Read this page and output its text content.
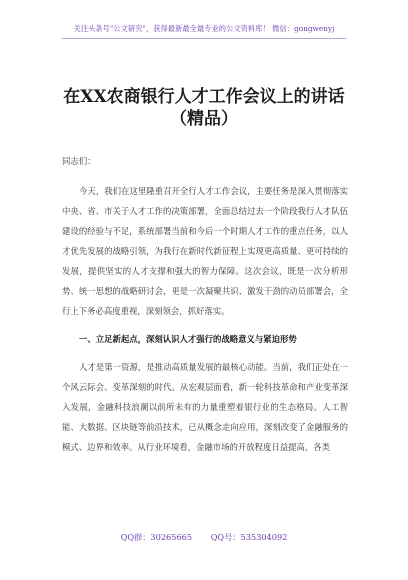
关注头条号"公文研究"，获得最新最全最专业的公文资料库！ 微信：gongwenyj
在XX农商银行人才工作会议上的讲话
（精品）

同志们：

今天，我们在这里隆重召开全行人才工作会议，主要任务是深入贯彻落实中央、省、市关于人才工作的决策部署，全面总结过去一个阶段我行人才队伍建设的经验与不足，系统部署当前和今后一个时期人才工作的重点任务，以人才优先发展的战略引领，为我行在新时代新征程上实现更高质量、更可持续的发展，提供坚实的人才支撑和强大的智力保障。这次会议，既是一次分析形势、统一思想的战略研讨会，更是一次凝聚共识、激发干劲的动员部署会，全行上下务必高度重视，深刻领会，抓好落实。

一、立足新起点，深刻认识人才强行的战略意义与紧迫形势

人才是第一资源，是推动高质量发展的最核心动能。当前，我们正处在一个风云际会、变革深刻的时代。从宏观层面看，新一轮科技革命和产业变革深入发展，金融科技浪潮以前所未有的力量重塑着银行业的生态格局。人工智能、大数据、区块链等前沿技术，已从概念走向应用，深刻改变了金融服务的模式、边界和效率。从行业环境看，金融市场的开放程度日益提高，各类

QQ群：30265665 QQ号：535304092
